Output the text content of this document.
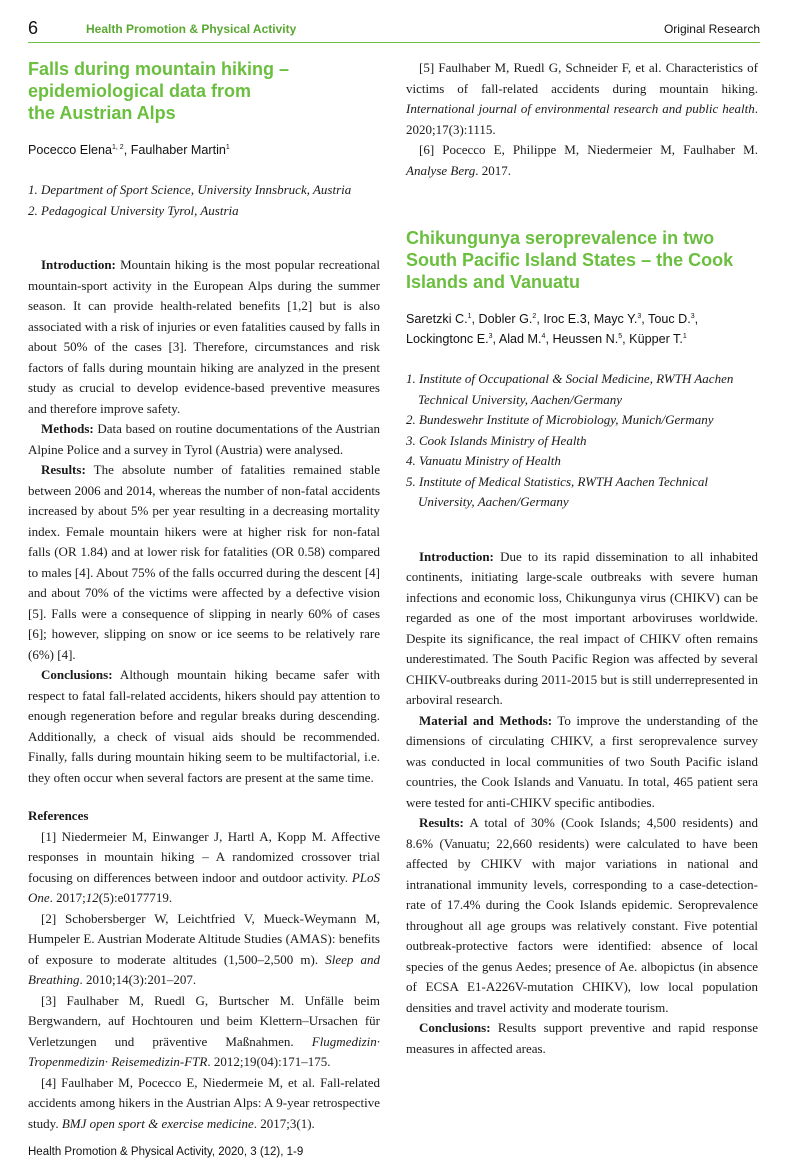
6	Health Promotion & Physical Activity	Original Research
Falls during mountain hiking –
epidemiological data from
the Austrian Alps

Pocecco Elena$^{1, 2}$, Faulhaber Martin$^1$

1. Department of Sport Science, University Innsbruck, Austria
2. Pedagogical University Tyrol, Austria

Introduction: Mountain hiking is the most popular recreational mountain-sport activity in the European Alps during the summer season. It can provide health-related benefits [1,2] but is also associated with a risk of injuries or even fatalities caused by falls in about 50% of the cases [3]. Therefore, circumstances and risk factors of falls during mountain hiking are analyzed in the present study as crucial to develop evidence-based preventive measures and therefore improve safety.

Methods: Data based on routine documentations of the Austrian Alpine Police and a survey in Tyrol (Austria) were analysed.

Results: The absolute number of fatalities remained stable between 2006 and 2014, whereas the number of non-fatal accidents increased by about 5% per year resulting in a decreasing mortality index. Female mountain hikers were at higher risk for non-fatal falls (OR 1.84) and at lower risk for fatalities (OR 0.58) compared to males [4]. About 75% of the falls occurred during the descent [4] and about 70% of the victims were affected by a defective vision [5]. Falls were a consequence of slipping in nearly 60% of cases [6]; however, slipping on snow or ice seems to be relatively rare (6%) [4].

Conclusions: Although mountain hiking became safer with respect to fatal fall-related accidents, hikers should pay attention to enough regeneration before and regular breaks during descending. Additionally, a check of visual aids should be recommended. Finally, falls during mountain hiking seem to be multifactorial, i.e. they often occur when several factors are present at the same time.

References

[1] Niedermeier M, Einwanger J, Hartl A, Kopp M. Affective responses in mountain hiking – A randomized crossover trial focusing on differences between indoor and outdoor activity. PLoS One. 2017;12(5):e0177719.

[2] Schobersberger W, Leichtfried V, Mueck-Weymann M, Humpeler E. Austrian Moderate Altitude Studies (AMAS): benefits of exposure to moderate altitudes (1,500–2,500 m). Sleep and Breathing. 2010;14(3):201–207.

[3] Faulhaber M, Ruedl G, Burtscher M. Unfälle beim Bergwandern, auf Hochtouren und beim Klettern–Ursachen für Verletzungen und präventive Maßnahmen. Flugmedizin· Tropenmedizin· Reisemedizin-FTR. 2012;19(04):171–175.

[4] Faulhaber M, Pocecco E, Niedermeie M, et al. Fall-related accidents among hikers in the Austrian Alps: A 9-year retrospective study. BMJ open sport & exercise medicine. 2017;3(1).

[5] Faulhaber M, Ruedl G, Schneider F, et al. Characteristics of victims of fall-related accidents during mountain hiking. International journal of environmental research and public health. 2020;17(3):1115.

[6] Pocecco E, Philippe M, Niedermeier M, Faulhaber M. Analyse Berg. 2017.

Chikungunya seroprevalence in two
South Pacific Island States – the Cook
Islands and Vanuatu

Saretzki C.$^1$, Dobler G.$^2$, Iroc E.3, Mayc Y.$^3$, Touc D.$^3$, Lockingtonc E.$^3$, Alad M.$^4$, Heussen N.$^5$, Küpper T.$^1$

1. Institute of Occupational & Social Medicine, RWTH Aachen Technical University, Aachen/Germany
2. Bundeswehr Institute of Microbiology, Munich/Germany
3. Cook Islands Ministry of Health
4. Vanuatu Ministry of Health
5. Institute of Medical Statistics, RWTH Aachen Technical University, Aachen/Germany

Introduction: Due to its rapid dissemination to all inhabited continents, initiating large-scale outbreaks with severe human infections and economic loss, Chikungunya virus (CHIKV) can be regarded as one of the most important arboviruses worldwide. Despite its significance, the real impact of CHIKV often remains underestimated. The South Pacific Region was affected by several CHIKV-outbreaks during 2011-2015 but is still underrepresented in arboviral research.

Material and Methods: To improve the understanding of the dimensions of circulating CHIKV, a first seroprevalence survey was conducted in local communities of two South Pacific island countries, the Cook Islands and Vanuatu. In total, 465 patient sera were tested for anti-CHIKV specific antibodies.

Results: A total of 30% (Cook Islands; 4,500 residents) and 8.6% (Vanuatu; 22,660 residents) were calculated to have been affected by CHIKV with major variations in national and intranational immunity levels, corresponding to a case-detection-rate of 17.4% during the Cook Islands epidemic. Seroprevalence throughout all age groups was relatively constant. Five potential outbreak-protective factors were identified: absence of local species of the genus Aedes; presence of Ae. albopictus (in absence of ECSA E1-A226V-mutation CHIKV), low local population densities and travel activity and moderate tourism.

Conclusions: Results support preventive and rapid response measures in affected areas.

Health Promotion & Physical Activity, 2020, 3 (12), 1-9
